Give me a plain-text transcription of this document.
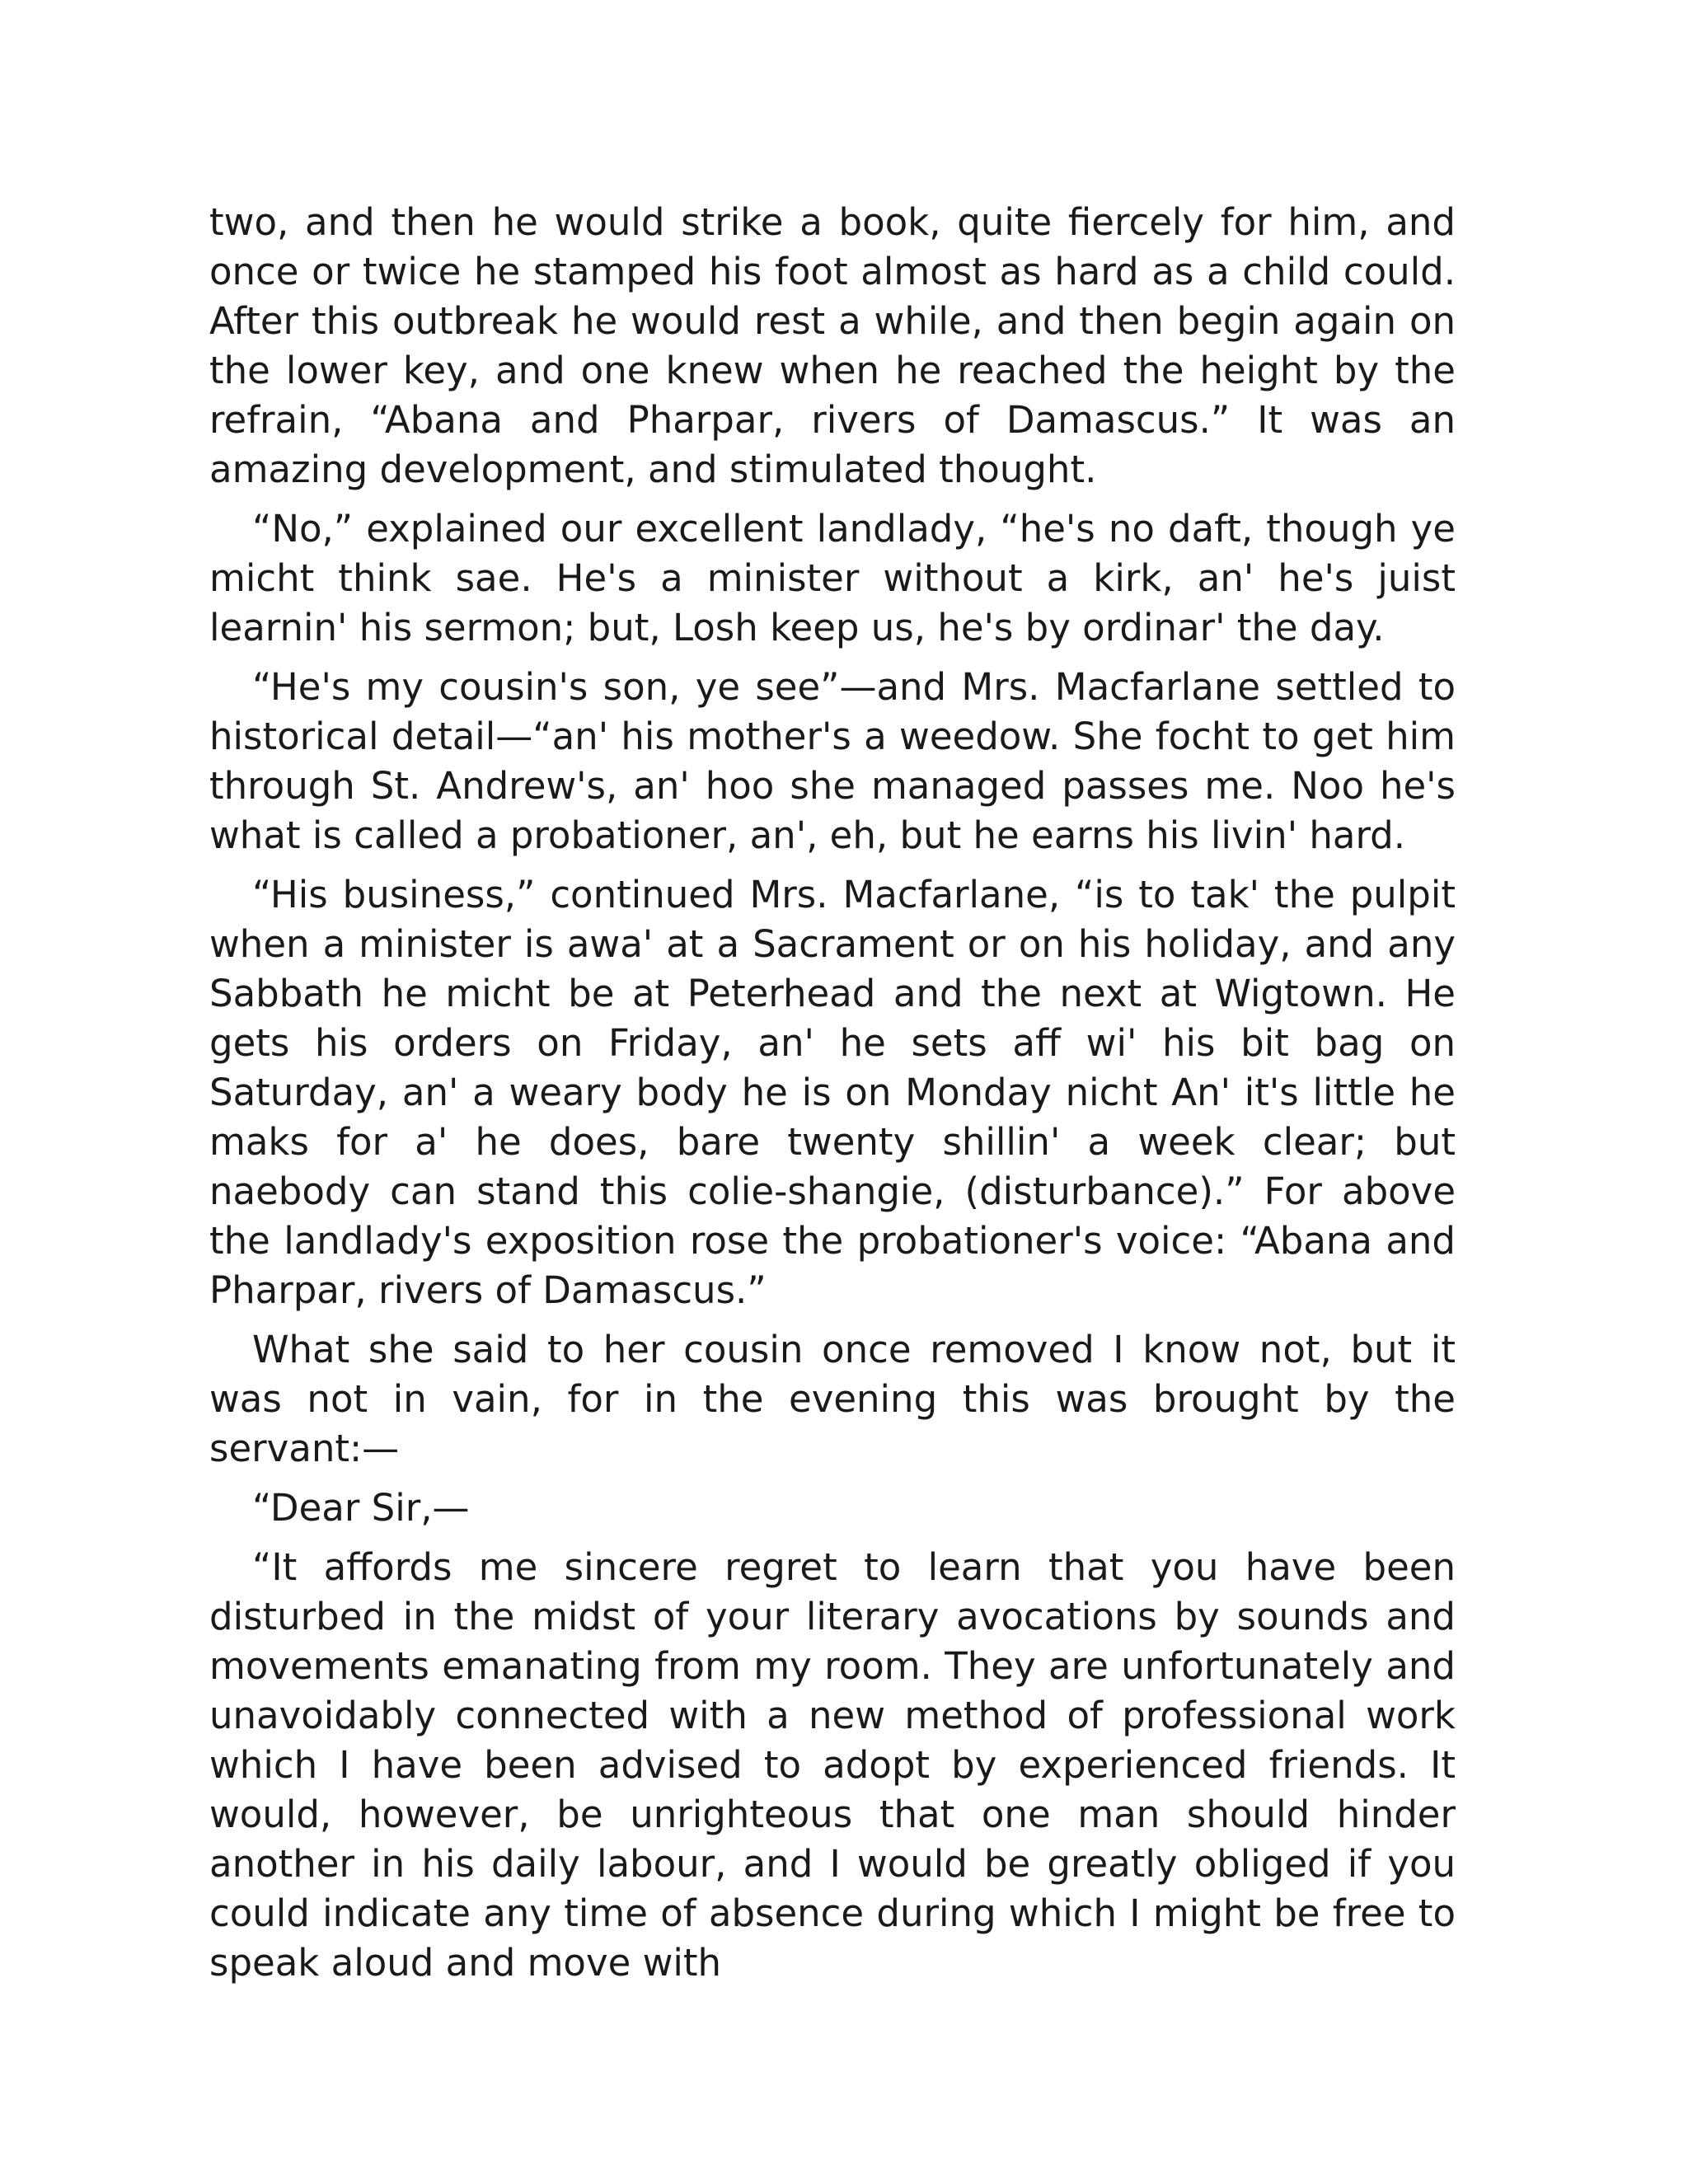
two, and then he would strike a book, quite fiercely for him, and once or twice he stamped his foot almost as hard as a child could. After this outbreak he would rest a while, and then begin again on the lower key, and one knew when he reached the height by the refrain, “Abana and Pharpar, rivers of Damascus.” It was an amazing development, and stimulated thought.

“No,” explained our excellent landlady, “he's no daft, though ye micht think sae. He's a minister without a kirk, an' he's juist learnin' his sermon; but, Losh keep us, he's by ordinar' the day.

“He's my cousin's son, ye see”—and Mrs. Macfarlane settled to historical detail—“an' his mother's a weedow. She focht to get him through St. Andrew's, an' hoo she managed passes me. Noo he's what is called a probationer, an', eh, but he earns his livin' hard.

“His business,” continued Mrs. Macfarlane, “is to tak' the pulpit when a minister is awa' at a Sacrament or on his holiday, and any Sabbath he micht be at Peterhead and the next at Wigtown. He gets his orders on Friday, an' he sets aff wi' his bit bag on Saturday, an' a weary body he is on Monday nicht An' it's little he maks for a' he does, bare twenty shillin' a week clear; but naebody can stand this colie-shangie, (disturbance).” For above the landlady's exposition rose the probationer's voice: “Abana and Pharpar, rivers of Damascus.”

What she said to her cousin once removed I know not, but it was not in vain, for in the evening this was brought by the servant:—

“Dear Sir,—

“It affords me sincere regret to learn that you have been disturbed in the midst of your literary avocations by sounds and movements emanating from my room. They are unfortunately and unavoidably connected with a new method of professional work which I have been advised to adopt by experienced friends. It would, however, be unrighteous that one man should hinder another in his daily labour, and I would be greatly obliged if you could indicate any time of absence during which I might be free to speak aloud and move with
